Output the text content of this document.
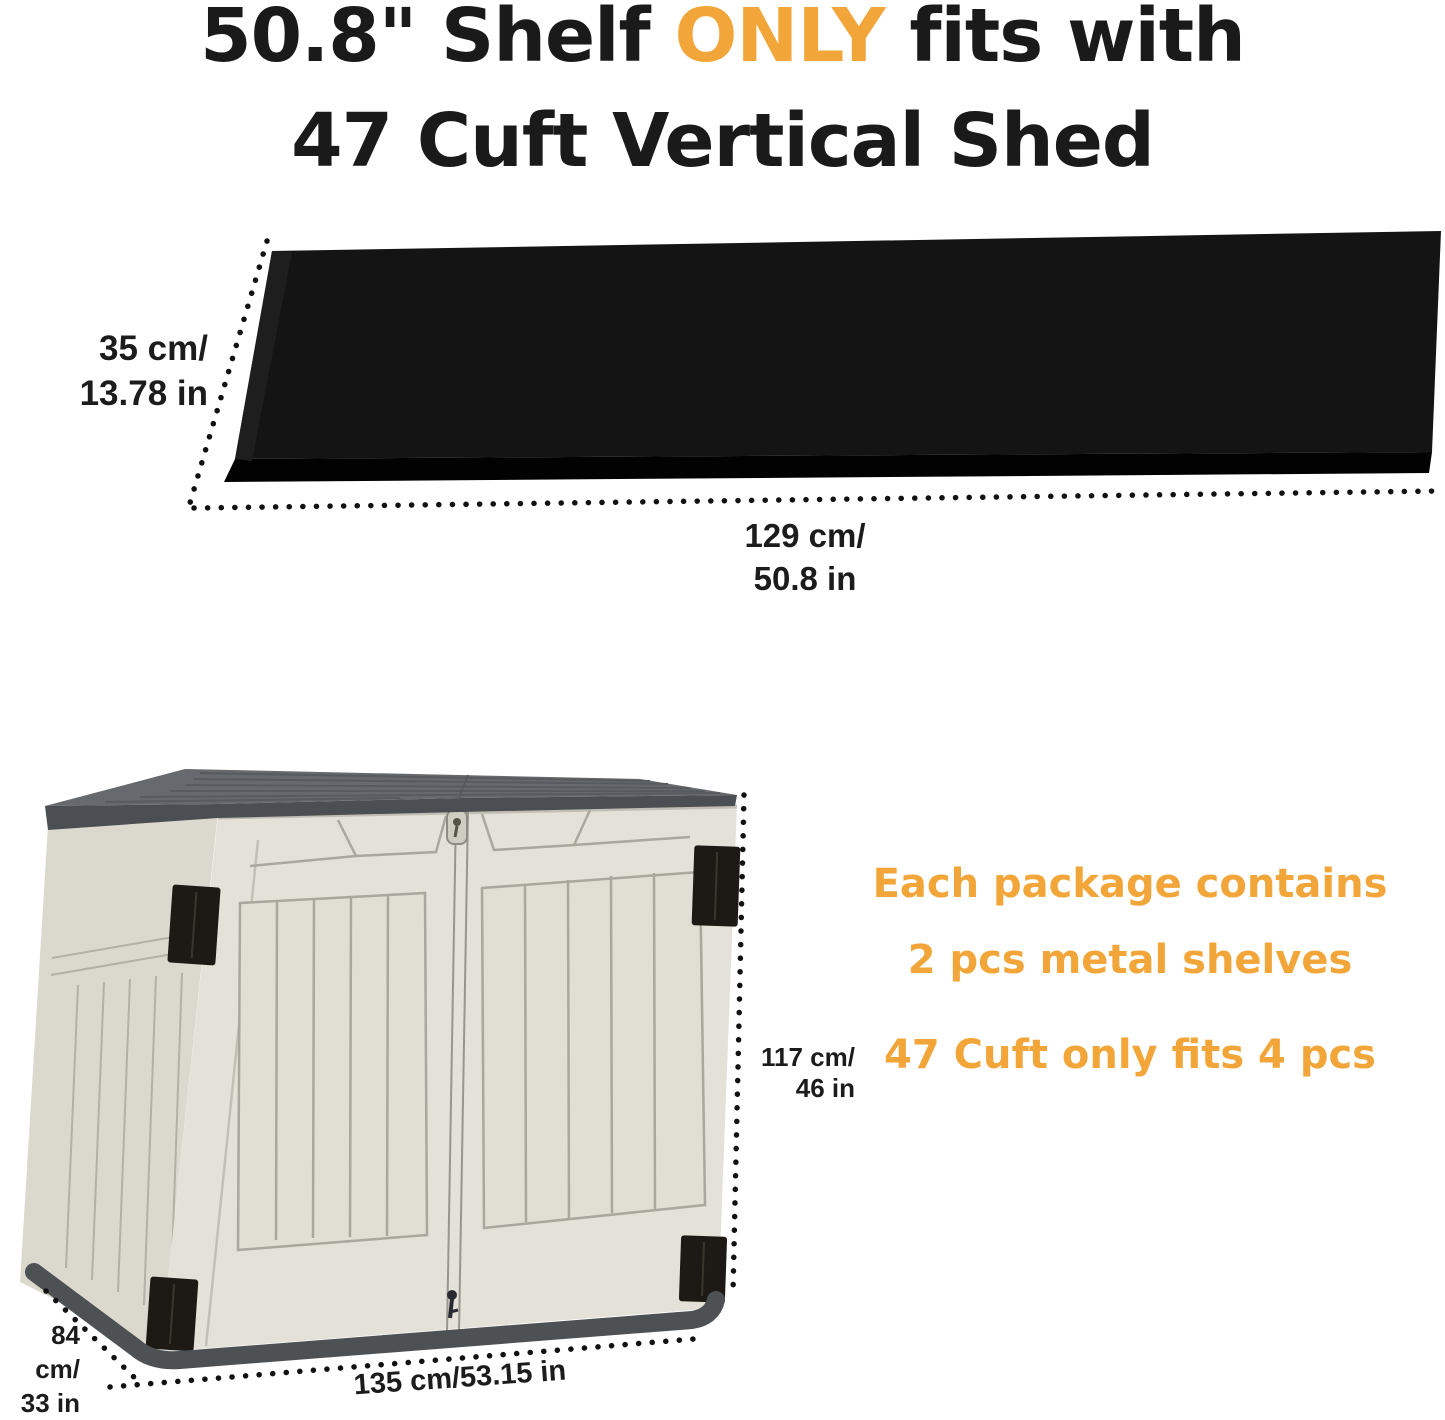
50.8" Shelf ONLY fits with
47 Cuft Vertical Shed
35 cm/
13.78 in
129 cm/
50.8 in
117 cm/
46 in
84 cm/
33 in
135 cm/53.15 in
Each package contains
2 pcs metal shelves
47 Cuft only fits 4 pcs
